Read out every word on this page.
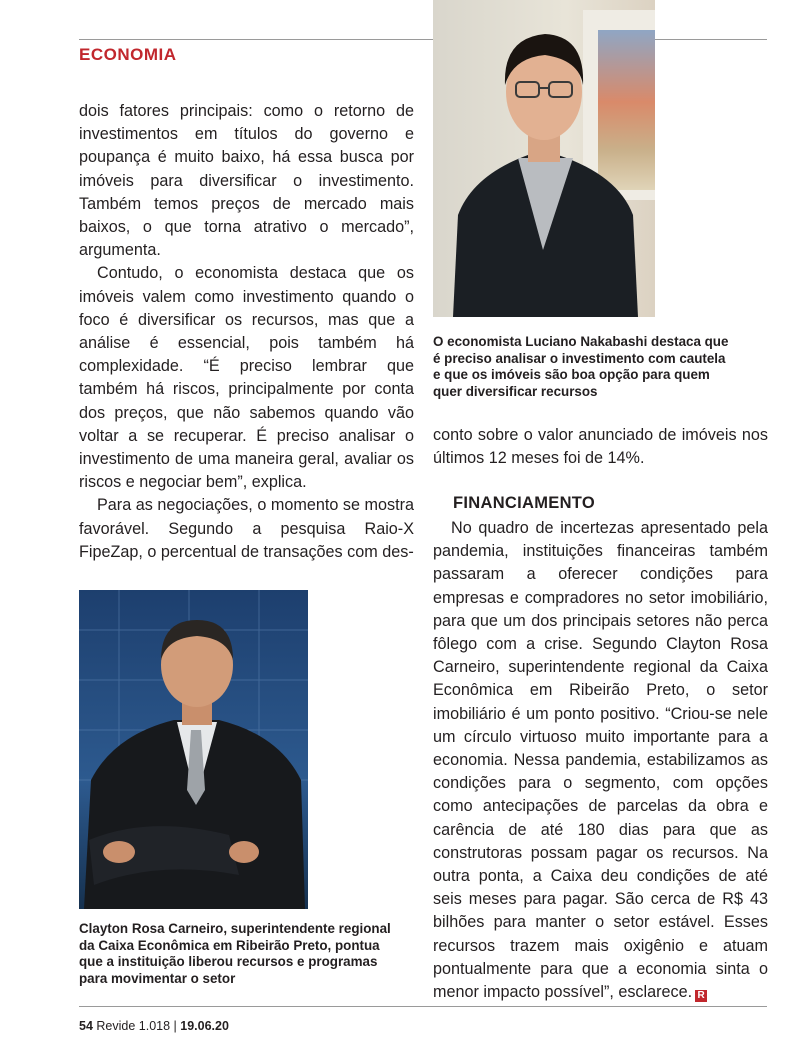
ECONOMIA

dois fatores principais: como o retorno de investimentos em títulos do governo e poupança é muito baixo, há essa busca por imóveis para diversificar o investimento. Também temos preços de mercado mais baixos, o que torna atrativo o mercado”, argumenta.

Contudo, o economista destaca que os imóveis valem como investimento quando o foco é diversificar os recursos, mas que a análise é essencial, pois também há complexidade. “É preciso lembrar que também há riscos, principalmente por conta dos preços, que não sabemos quando vão voltar a se recuperar. É preciso analisar o investimento de uma maneira geral, avaliar os riscos e negociar bem”, explica.

Para as negociações, o momento se mostra favorável. Segundo a pesquisa Raio-X FipeZap, o percentual de transações com des-

O economista Luciano Nakabashi destaca que é preciso analisar o investimento com cautela e que os imóveis são boa opção para quem quer diversificar recursos
conto sobre o valor anunciado de imóveis nos últimos 12 meses foi de 14%.
FINANCIAMENTO

No quadro de incertezas apresentado pela pandemia, instituições financeiras também passaram a oferecer condições para empresas e compradores no setor imobiliário, para que um dos principais setores não perca fôlego com a crise. Segundo Clayton Rosa Carneiro, superintendente regional da Caixa Econômica em Ribeirão Preto, o setor imobiliário é um ponto positivo. “Criou-se nele um círculo virtuoso muito importante para a economia. Nessa pandemia, estabilizamos as condições para o segmento, com opções como antecipações de parcelas da obra e carência de até 180 dias para que as construtoras possam pagar os recursos. Na outra ponta, a Caixa deu condições de até seis meses para pagar. São cerca de R$ 43 bilhões para manter o setor estável. Esses recursos trazem mais oxigênio e atuam pontualmente para que a economia sinta o menor impacto possível”, esclarece. R

Clayton Rosa Carneiro, superintendente regional da Caixa Econômica em Ribeirão Preto, pontua que a instituição liberou recursos e programas para movimentar o setor
54 Revide 1.018 | 19.06.20
